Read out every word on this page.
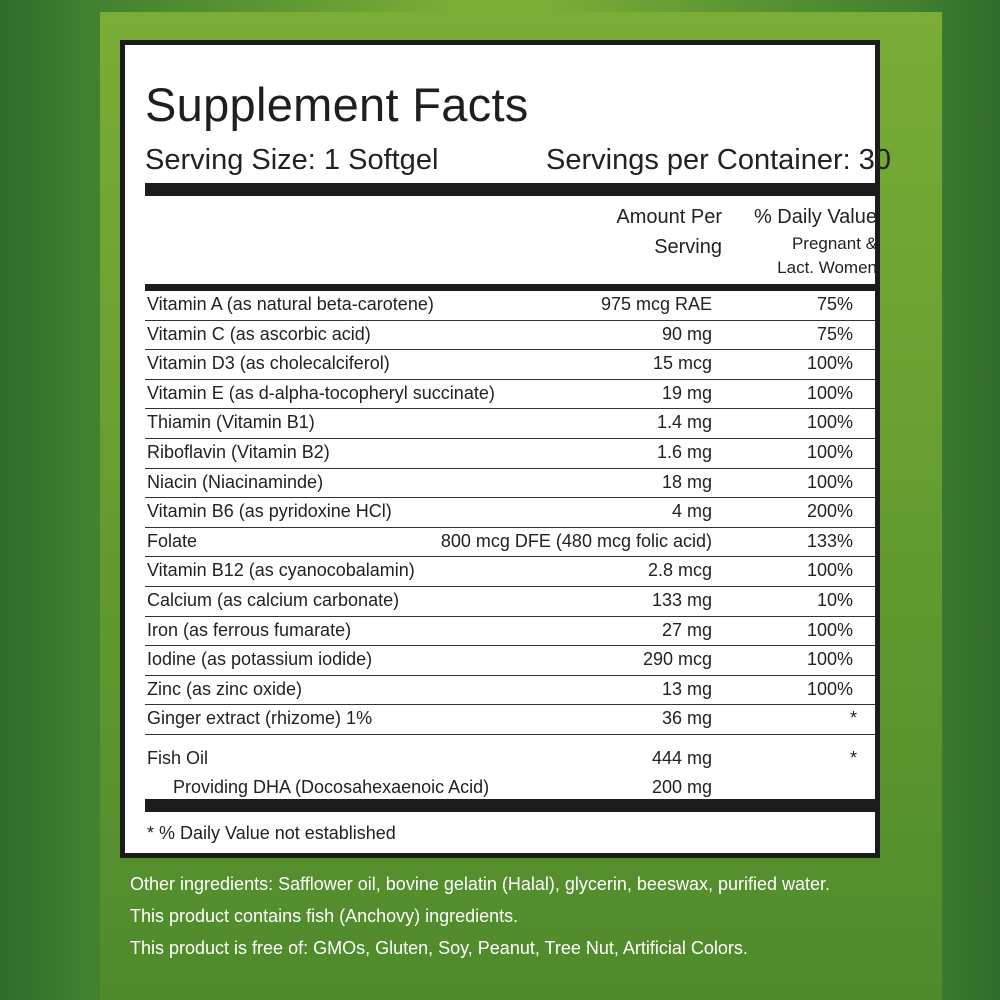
Supplement Facts
Serving Size: 1 Softgel	Servings per Container: 30
Amount Per
Serving
% Daily Value
Pregnant &
Lact. Women
Vitamin A (as natural beta-carotene)	975 mcg RAE	75%
Vitamin C (as ascorbic acid)	90 mg	75%
Vitamin D3 (as cholecalciferol)	15 mcg	100%
Vitamin E (as d-alpha-tocopheryl succinate)	19 mg	100%
Thiamin (Vitamin B1)	1.4 mg	100%
Riboflavin (Vitamin B2)	1.6 mg	100%
Niacin (Niacinaminde)	18 mg	100%
Vitamin B6 (as pyridoxine HCl)	4 mg	200%
Folate	800 mcg DFE (480 mcg folic acid)	133%
Vitamin B12 (as cyanocobalamin)	2.8 mcg	100%
Calcium (as calcium carbonate)	133 mg	10%
Iron (as ferrous fumarate)	27 mg	100%
Iodine (as potassium iodide)	290 mcg	100%
Zinc (as zinc oxide)	13 mg	100%
Ginger extract (rhizome) 1%	36 mg	*
Fish Oil	444 mg	*
Providing DHA (Docosahexaenoic Acid)	200 mg
* % Daily Value not established

Other ingredients: Safflower oil, bovine gelatin (Halal), glycerin, beeswax, purified water.

This product contains fish (Anchovy) ingredients.

This product is free of: GMOs, Gluten, Soy, Peanut, Tree Nut, Artificial Colors.
